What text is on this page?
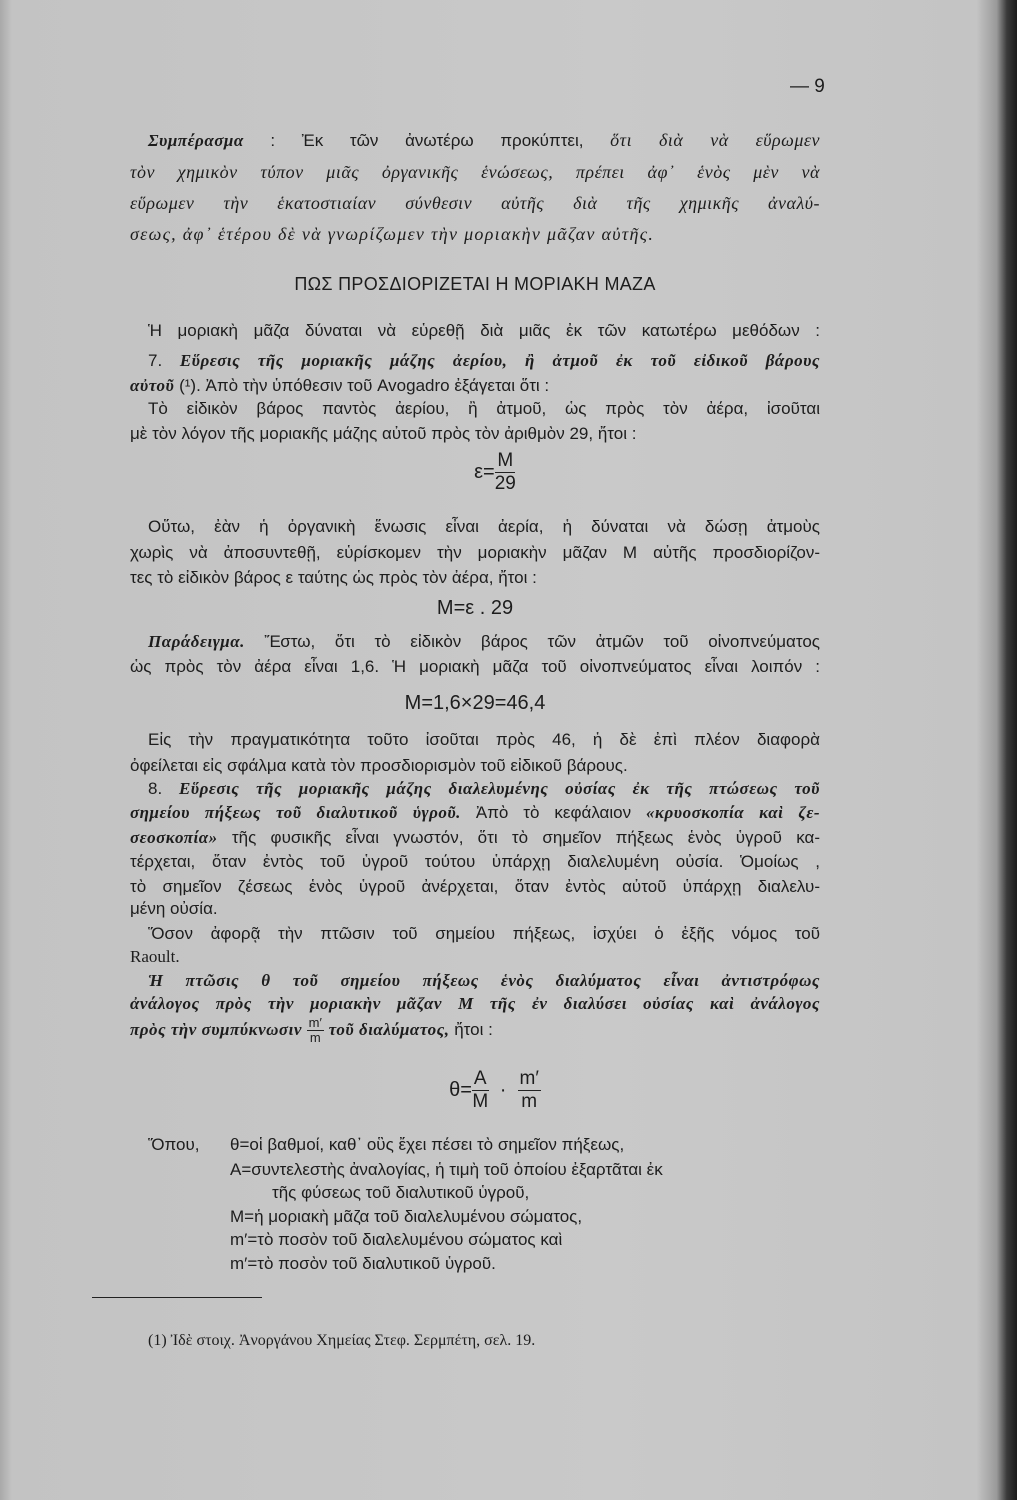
— 9
Συμπέρασμα : Ἐκ τῶν ἀνωτέρω προκύπτει, ὅτι διὰ νὰ εὕρωμεν
τὸν χημικὸν τύπον μιᾶς ὀργανικῆς ἑνώσεως, πρέπει ἀφ᾽ ἑνὸς μὲν νὰ
εὕρωμεν τὴν ἑκατοστιαίαν σύνθεσιν αὐτῆς διὰ τῆς χημικῆς ἀναλύ-
σεως, ἀφ᾽ ἑτέρου δὲ νὰ γνωρίζωμεν τὴν μοριακὴν μᾶζαν αὐτῆς.
ΠΩΣ ΠΡΟΣΔΙΟΡΙΖΕΤΑΙ Η ΜΟΡΙΑΚΗ ΜΑΖΑ
Ἡ μοριακὴ μᾶζα δύναται νὰ εὑρεθῇ διὰ μιᾶς ἐκ τῶν κατωτέρω μεθόδων :
7. Εὕρεσις τῆς μοριακῆς μάζης ἀερίου, ἢ ἀτμοῦ ἐκ τοῦ εἰδικοῦ βάρους
αὐτοῦ (¹). Ἀπὸ τὴν ὑπόθεσιν τοῦ Avogadro ἐξάγεται ὅτι :
Τὸ εἰδικὸν βάρος παντὸς ἀερίου, ἢ ἀτμοῦ, ὡς πρὸς τὸν ἀέρα, ἰσοῦται
μὲ τὸν λόγον τῆς μοριακῆς μάζης αὐτοῦ πρὸς τὸν ἀριθμὸν 29, ἤτοι :
$\varepsilon= \frac{M}{29}$
Οὕτω, ἐὰν ἡ ὀργανικὴ ἕνωσις εἶναι ἀερία, ἡ δύναται νὰ δώσῃ ἀτμοὺς
χωρὶς νὰ ἀποσυντεθῇ, εὑρίσκομεν τὴν μοριακὴν μᾶζαν Μ αὐτῆς προσδιορίζον-
τες τὸ εἰδικὸν βάρος ε ταύτης ὡς πρὸς τὸν ἀέρα, ἤτοι :
Μ=ε . 29
Παράδειγμα. Ἔστω, ὅτι τὸ εἰδικὸν βάρος τῶν ἀτμῶν τοῦ οἰνοπνεύματος
ὡς πρὸς τὸν ἀέρα εἶναι 1,6. Ἡ μοριακὴ μᾶζα τοῦ οἰνοπνεύματος εἶναι λοιπόν :
Μ=1,6×29=46,4
Εἰς τὴν πραγματικότητα τοῦτο ἰσοῦται πρὸς 46, ἡ δὲ ἐπὶ πλέον διαφορὰ
ὀφείλεται εἰς σφάλμα κατὰ τὸν προσδιορισμὸν τοῦ εἰδικοῦ βάρους.
8. Εὕρεσις τῆς μοριακῆς μάζης διαλελυμένης οὐσίας ἐκ τῆς πτώσεως τοῦ
σημείου πήξεως τοῦ διαλυτικοῦ ὑγροῦ. Ἀπὸ τὸ κεφάλαιον «κρυοσκοπία καὶ ζε-
σεοσκοπία» τῆς φυσικῆς εἶναι γνωστόν, ὅτι τὸ σημεῖον πήξεως ἑνὸς ὑγροῦ κα-
τέρχεται, ὅταν ἐντὸς τοῦ ὑγροῦ τούτου ὑπάρχῃ διαλελυμένη οὐσία. Ὁμοίως ,
τὸ σημεῖον ζέσεως ἑνὸς ὑγροῦ ἀνέρχεται, ὅταν ἐντὸς αὐτοῦ ὑπάρχῃ διαλελυ-
μένη οὐσία.
Ὅσον ἀφορᾷ τὴν πτῶσιν τοῦ σημείου πήξεως, ἰσχύει ὁ ἑξῆς νόμος τοῦ
Raoult.
Ἡ πτῶσις θ τοῦ σημείου πήξεως ἑνὸς διαλύματος εἶναι ἀντιστρόφως
ἀνάλογος πρὸς τὴν μοριακὴν μᾶζαν Μ τῆς ἐν διαλύσει οὐσίας καὶ ἀνάλογος
πρὸς τὴν συμπύκνωσιν $\frac{m'}{m}$ τοῦ διαλύματος, ἤτοι :
$\theta= \frac{A}{M} \cdot \frac{m'}{m}$
Ὅπου,	θ=οἱ βαθμοί, καθ᾽ οὓς ἔχει πέσει τὸ σημεῖον πήξεως,
Α=συντελεστὴς ἀναλογίας, ἡ τιμὴ τοῦ ὁποίου ἐξαρτᾶται ἐκ
τῆς φύσεως τοῦ διαλυτικοῦ ὑγροῦ,
Μ=ἡ μοριακὴ μᾶζα τοῦ διαλελυμένου σώματος,
m′=τὸ ποσὸν τοῦ διαλελυμένου σώματος καὶ
m′=τὸ ποσὸν τοῦ διαλυτικοῦ ὑγροῦ.
(1) Ἰδὲ στοιχ. Ἀνοργάνου Χημείας Στεφ. Σερμπέτη, σελ. 19.
